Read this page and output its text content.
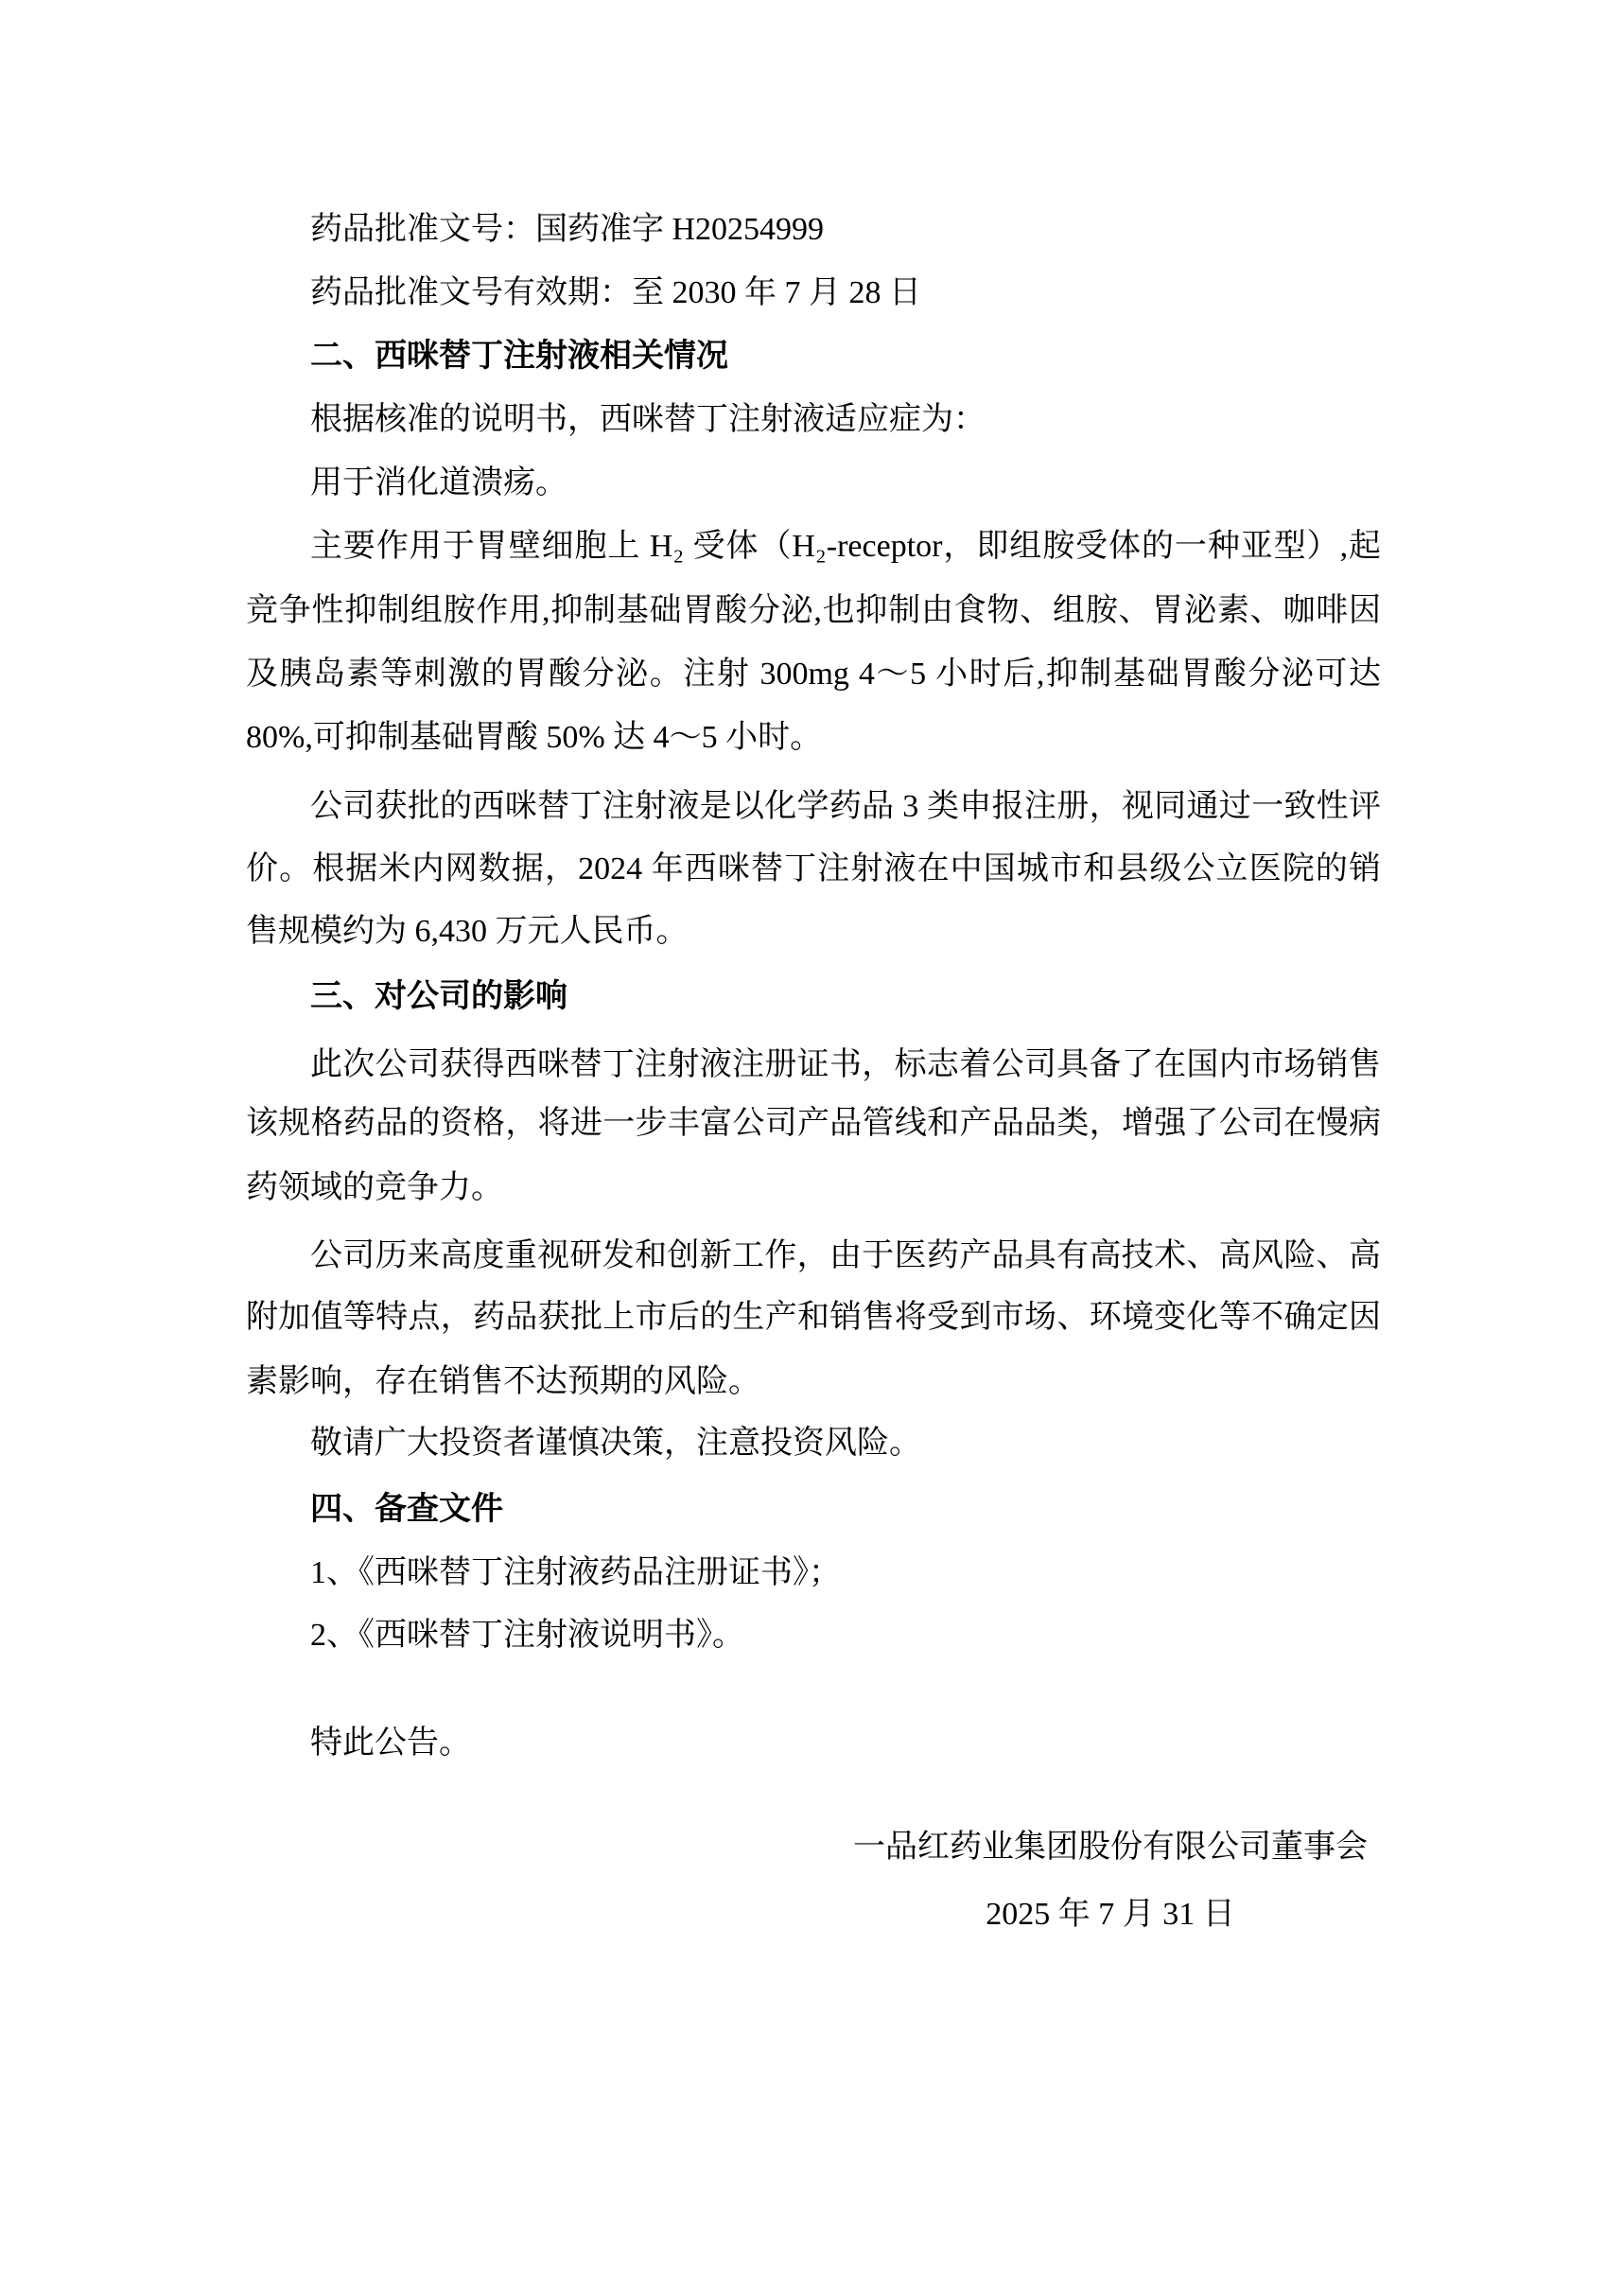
药品批准文号：国药准字 H20254999
药品批准文号有效期：至 2030 年 7 月 28 日
二、西咪替丁注射液相关情况
根据核准的说明书，西咪替丁注射液适应症为：
用于消化道溃疡。
主要作用于胃壁细胞上 H₂ 受体（H₂-receptor，即组胺受体的一种亚型）,起
竞争性抑制组胺作用,抑制基础胃酸分泌,也抑制由食物、组胺、胃泌素、咖啡因
及胰岛素等刺激的胃酸分泌。注射 300mg 4～5 小时后,抑制基础胃酸分泌可达
80%,可抑制基础胃酸 50% 达 4～5 小时。
公司获批的西咪替丁注射液是以化学药品 3 类申报注册，视同通过一致性评
价。根据米内网数据，2024 年西咪替丁注射液在中国城市和县级公立医院的销
售规模约为 6,430 万元人民币。
三、对公司的影响
此次公司获得西咪替丁注射液注册证书，标志着公司具备了在国内市场销售
该规格药品的资格，将进一步丰富公司产品管线和产品品类，增强了公司在慢病
药领域的竞争力。
公司历来高度重视研发和创新工作，由于医药产品具有高技术、高风险、高
附加值等特点，药品获批上市后的生产和销售将受到市场、环境变化等不确定因
素影响，存在销售不达预期的风险。
敬请广大投资者谨慎决策，注意投资风险。
四、备查文件
1、《西咪替丁注射液药品注册证书》；
2、《西咪替丁注射液说明书》。
特此公告。
一品红药业集团股份有限公司董事会
2025 年 7 月 31 日
